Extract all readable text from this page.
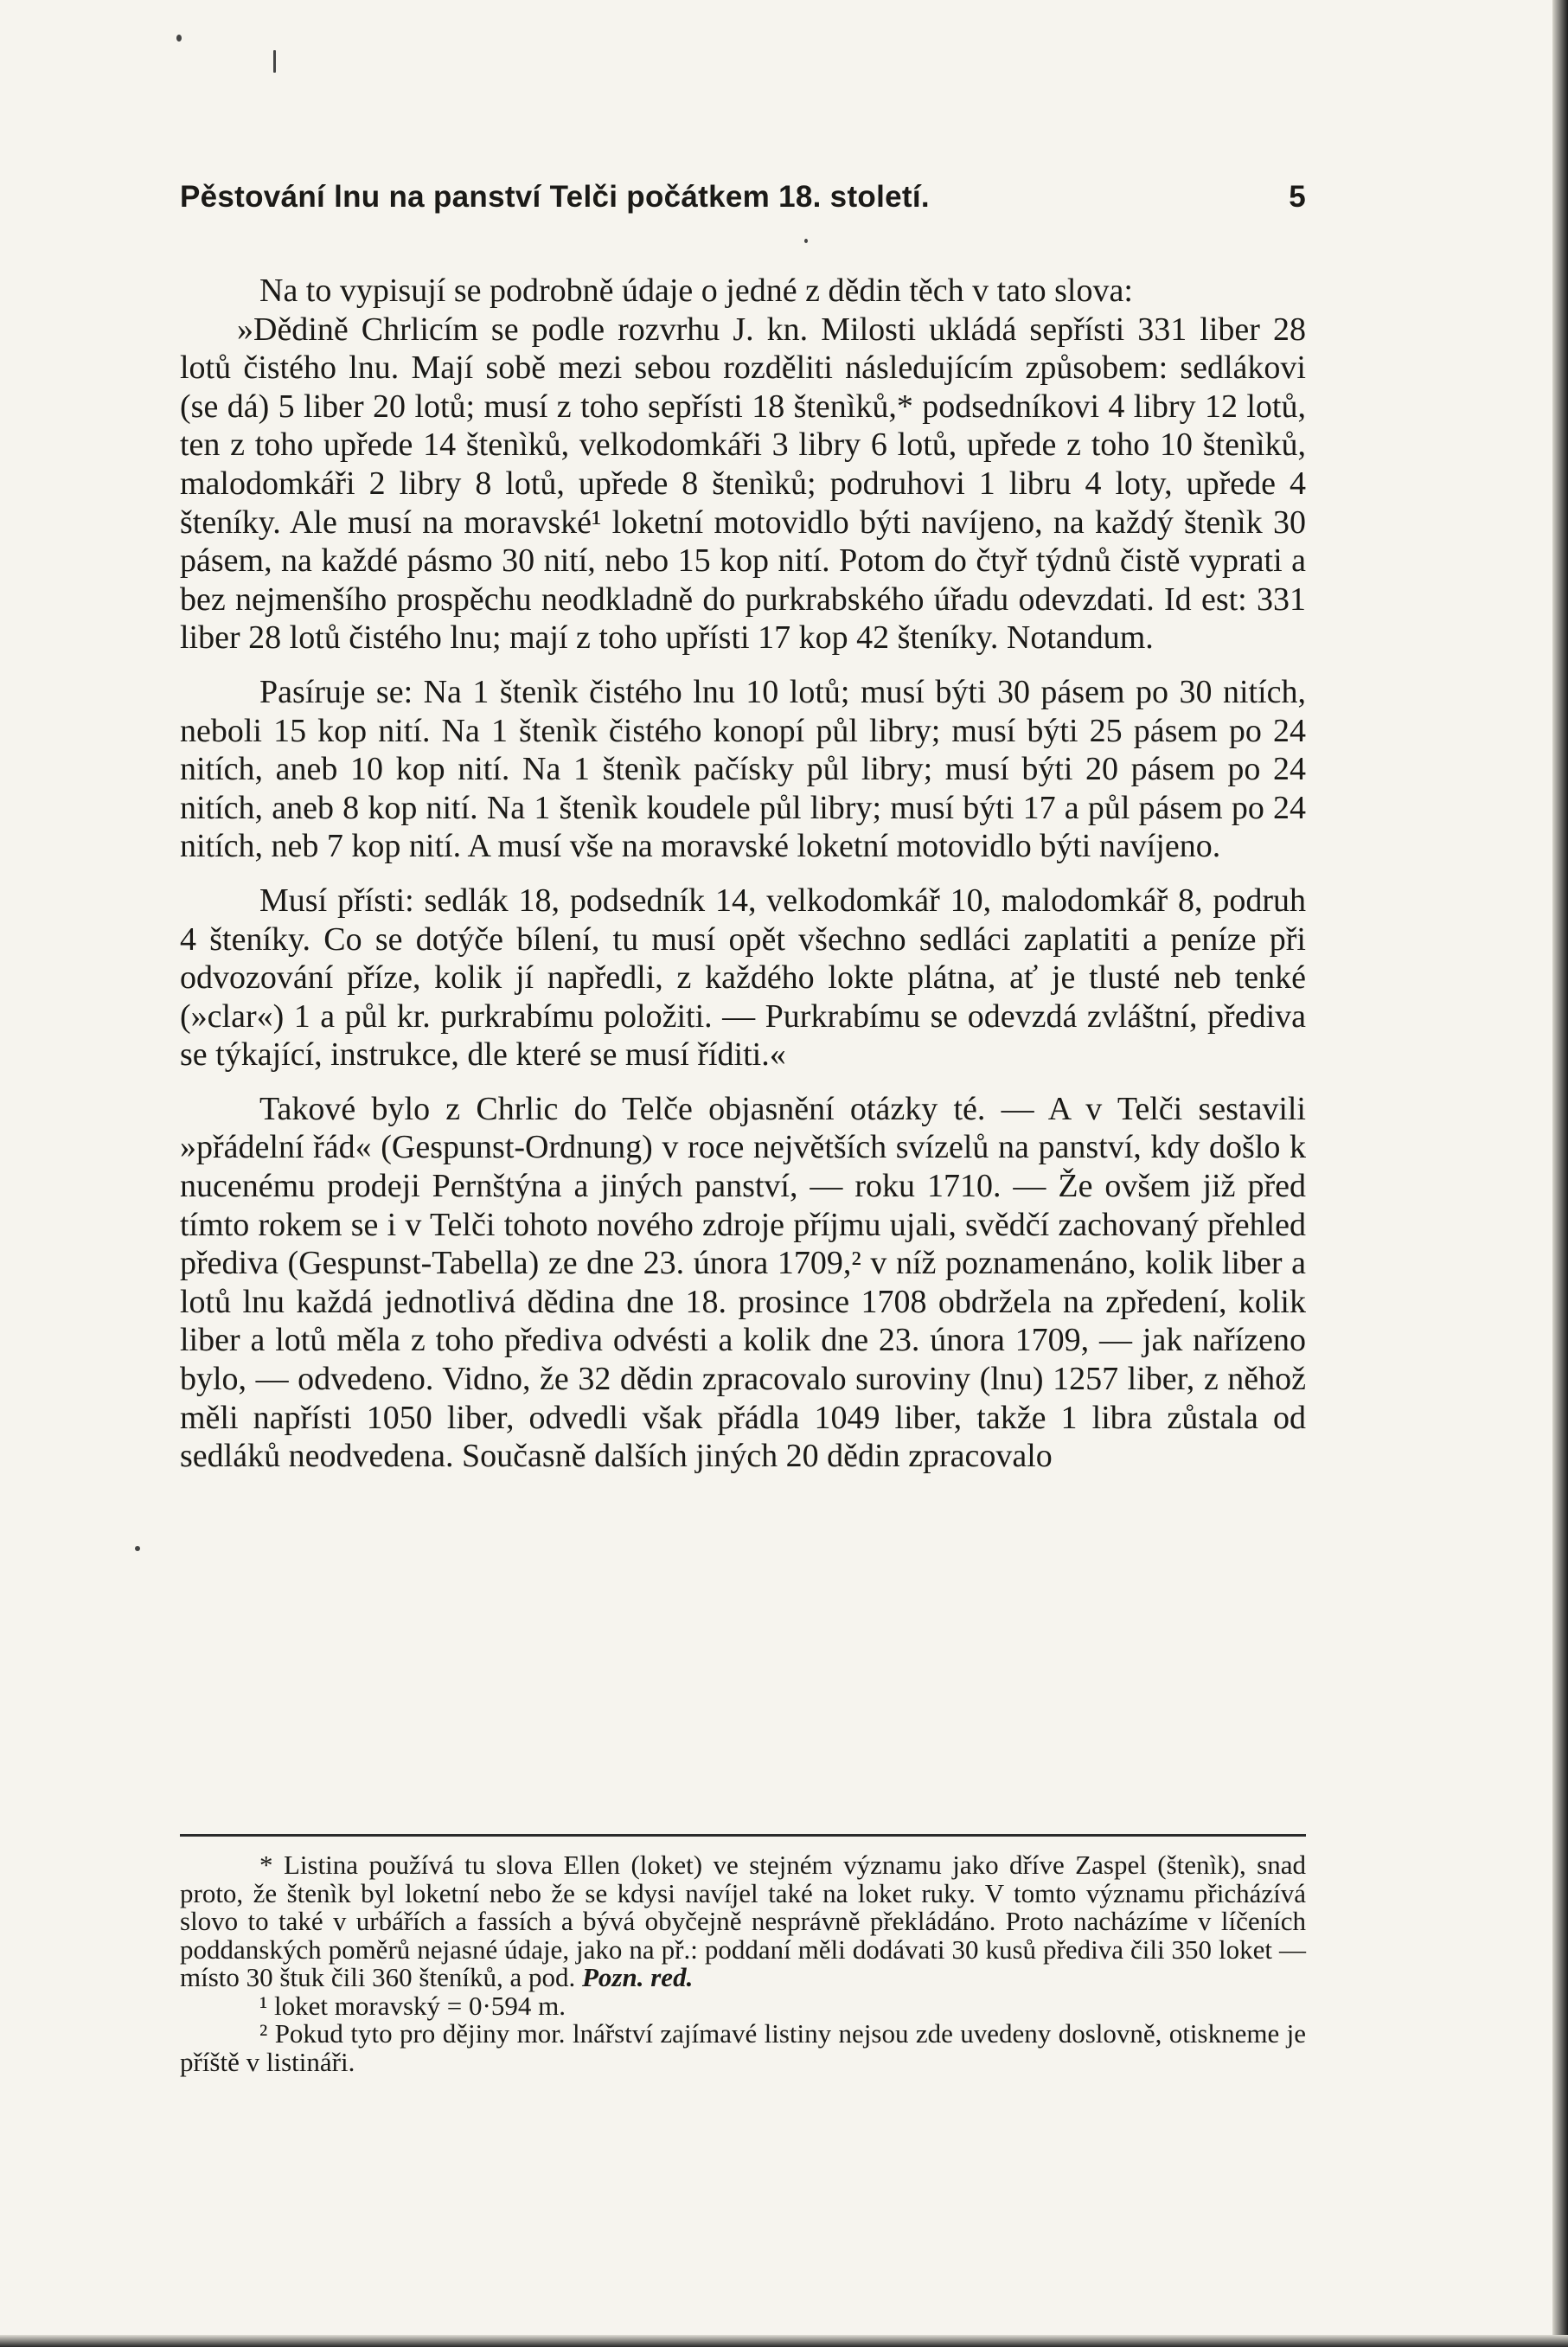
Pěstování lnu na panství Telči počátkem 18. století.	5

Na to vypisují se podrobně údaje o jedné z dědin těch v tato slova:

»Dědině Chrlicím se podle rozvrhu J. kn. Milosti ukládá sepřísti 331 liber 28 lotů čistého lnu. Mají sobě mezi sebou rozděliti následujícím způsobem: sedlákovi (se dá) 5 liber 20 lotů; musí z toho sepřísti 18 štenìků,* podsedníkovi 4 libry 12 lotů, ten z toho upřede 14 štenìků, velkodomkáři 3 libry 6 lotů, upřede z toho 10 štenìků, malodomkáři 2 libry 8 lotů, upřede 8 štenìků; podruhovi 1 libru 4 loty, upřede 4 šteníky. Ale musí na moravské¹ loketní motovidlo býti navíjeno, na každý štenìk 30 pásem, na každé pásmo 30 nití, nebo 15 kop nití. Potom do čtyř týdnů čistě vyprati a bez nejmenšího prospěchu neodkladně do purkrabského úřadu odevzdati. Id est: 331 liber 28 lotů čistého lnu; mají z toho upřísti 17 kop 42 šteníky. Notandum.

Pasíruje se: Na 1 štenìk čistého lnu 10 lotů; musí býti 30 pásem po 30 nitích, neboli 15 kop nití. Na 1 štenìk čistého konopí půl libry; musí býti 25 pásem po 24 nitích, aneb 10 kop nití. Na 1 štenìk pačísky půl libry; musí býti 20 pásem po 24 nitích, aneb 8 kop nití. Na 1 štenìk koudele půl libry; musí býti 17 a půl pásem po 24 nitích, neb 7 kop nití. A musí vše na moravské loketní motovidlo býti navíjeno.

Musí přísti: sedlák 18, podsedník 14, velkodomkář 10, malodomkář 8, podruh 4 šteníky. Co se dotýče bílení, tu musí opět všechno sedláci zaplatiti a peníze při odvozování příze, kolik jí napředli, z každého lokte plátna, ať je tlusté neb tenké (»clar«) 1 a půl kr. purkrabímu položiti. — Purkrabímu se odevzdá zvláštní, přediva se týkající, instrukce, dle které se musí říditi.«

Takové bylo z Chrlic do Telče objasnění otázky té. — A v Telči sestavili »přádelní řád« (Gespunst-Ordnung) v roce největších svízelů na panství, kdy došlo k nucenému prodeji Pernštýna a jiných panství, — roku 1710. — Že ovšem již před tímto rokem se i v Telči tohoto nového zdroje příjmu ujali, svědčí zachovaný přehled přediva (Gespunst-Tabella) ze dne 23. února 1709,² v níž poznamenáno, kolik liber a lotů lnu každá jednotlivá dědina dne 18. prosince 1708 obdržela na zpředení, kolik liber a lotů měla z toho přediva odvésti a kolik dne 23. února 1709, — jak nařízeno bylo, — odvedeno. Vidno, že 32 dědin zpracovalo suroviny (lnu) 1257 liber, z něhož měli napřísti 1050 liber, odvedli však přádla 1049 liber, takže 1 libra zůstala od sedláků neodvedena. Současně dalších jiných 20 dědin zpracovalo

* Listina používá tu slova Ellen (loket) ve stejném významu jako dříve Zaspel (štenìk), snad proto, že štenìk byl loketní nebo že se kdysi navíjel také na loket ruky. V tomto významu přicházívá slovo to také v urbářích a fassích a bývá obyčejně nesprávně překládáno. Proto nacházíme v líčeních poddanských poměrů nejasné údaje, jako na př.: poddaní měli dodávati 30 kusů přediva čili 350 loket — místo 30 štuk čili 360 šteníků, a pod. Pozn. red.

¹ loket moravský = 0·594 m.

² Pokud tyto pro dějiny mor. lnářství zajímavé listiny nejsou zde uvedeny doslovně, otiskneme je příště v listináři.
